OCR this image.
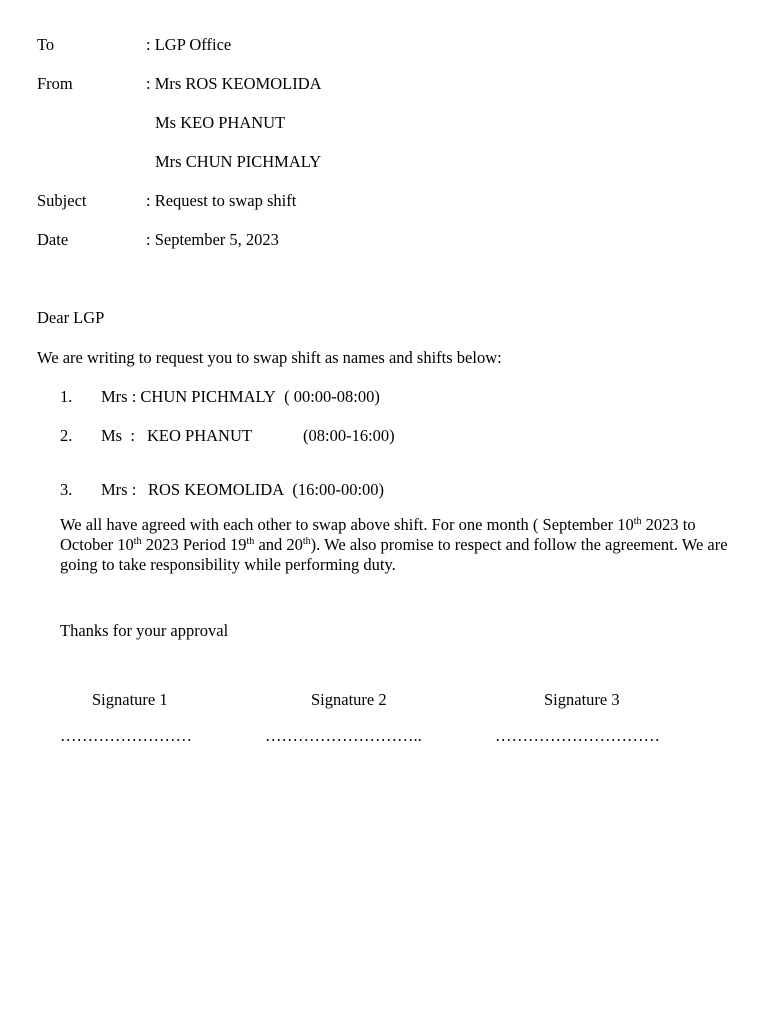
To	: LGP Office
From	: Mrs ROS KEOMOLIDA
Ms KEO PHANUT
Mrs CHUN PICHMALY
Subject	: Request to swap shift
Date	: September 5, 2023
Dear LGP
We are writing to request you to swap shift as names and shifts below:
1. Mrs : CHUN PICHMALY ( 00:00-08:00)
2. Ms  : KEO PHANUT	(08:00-16:00)
3. Mrs : ROS KEOMOLIDA (16:00-00:00)
We all have agreed with each other to swap above shift. For one month ( September 10th 2023 to October 10th 2023 Period 19th and 20th). We also promise to respect and follow the agreement. We are going to take responsibility while performing duty.
Thanks for your approval
Signature 1	Signature 2	Signature 3
……………………	………………………..	…………………………
